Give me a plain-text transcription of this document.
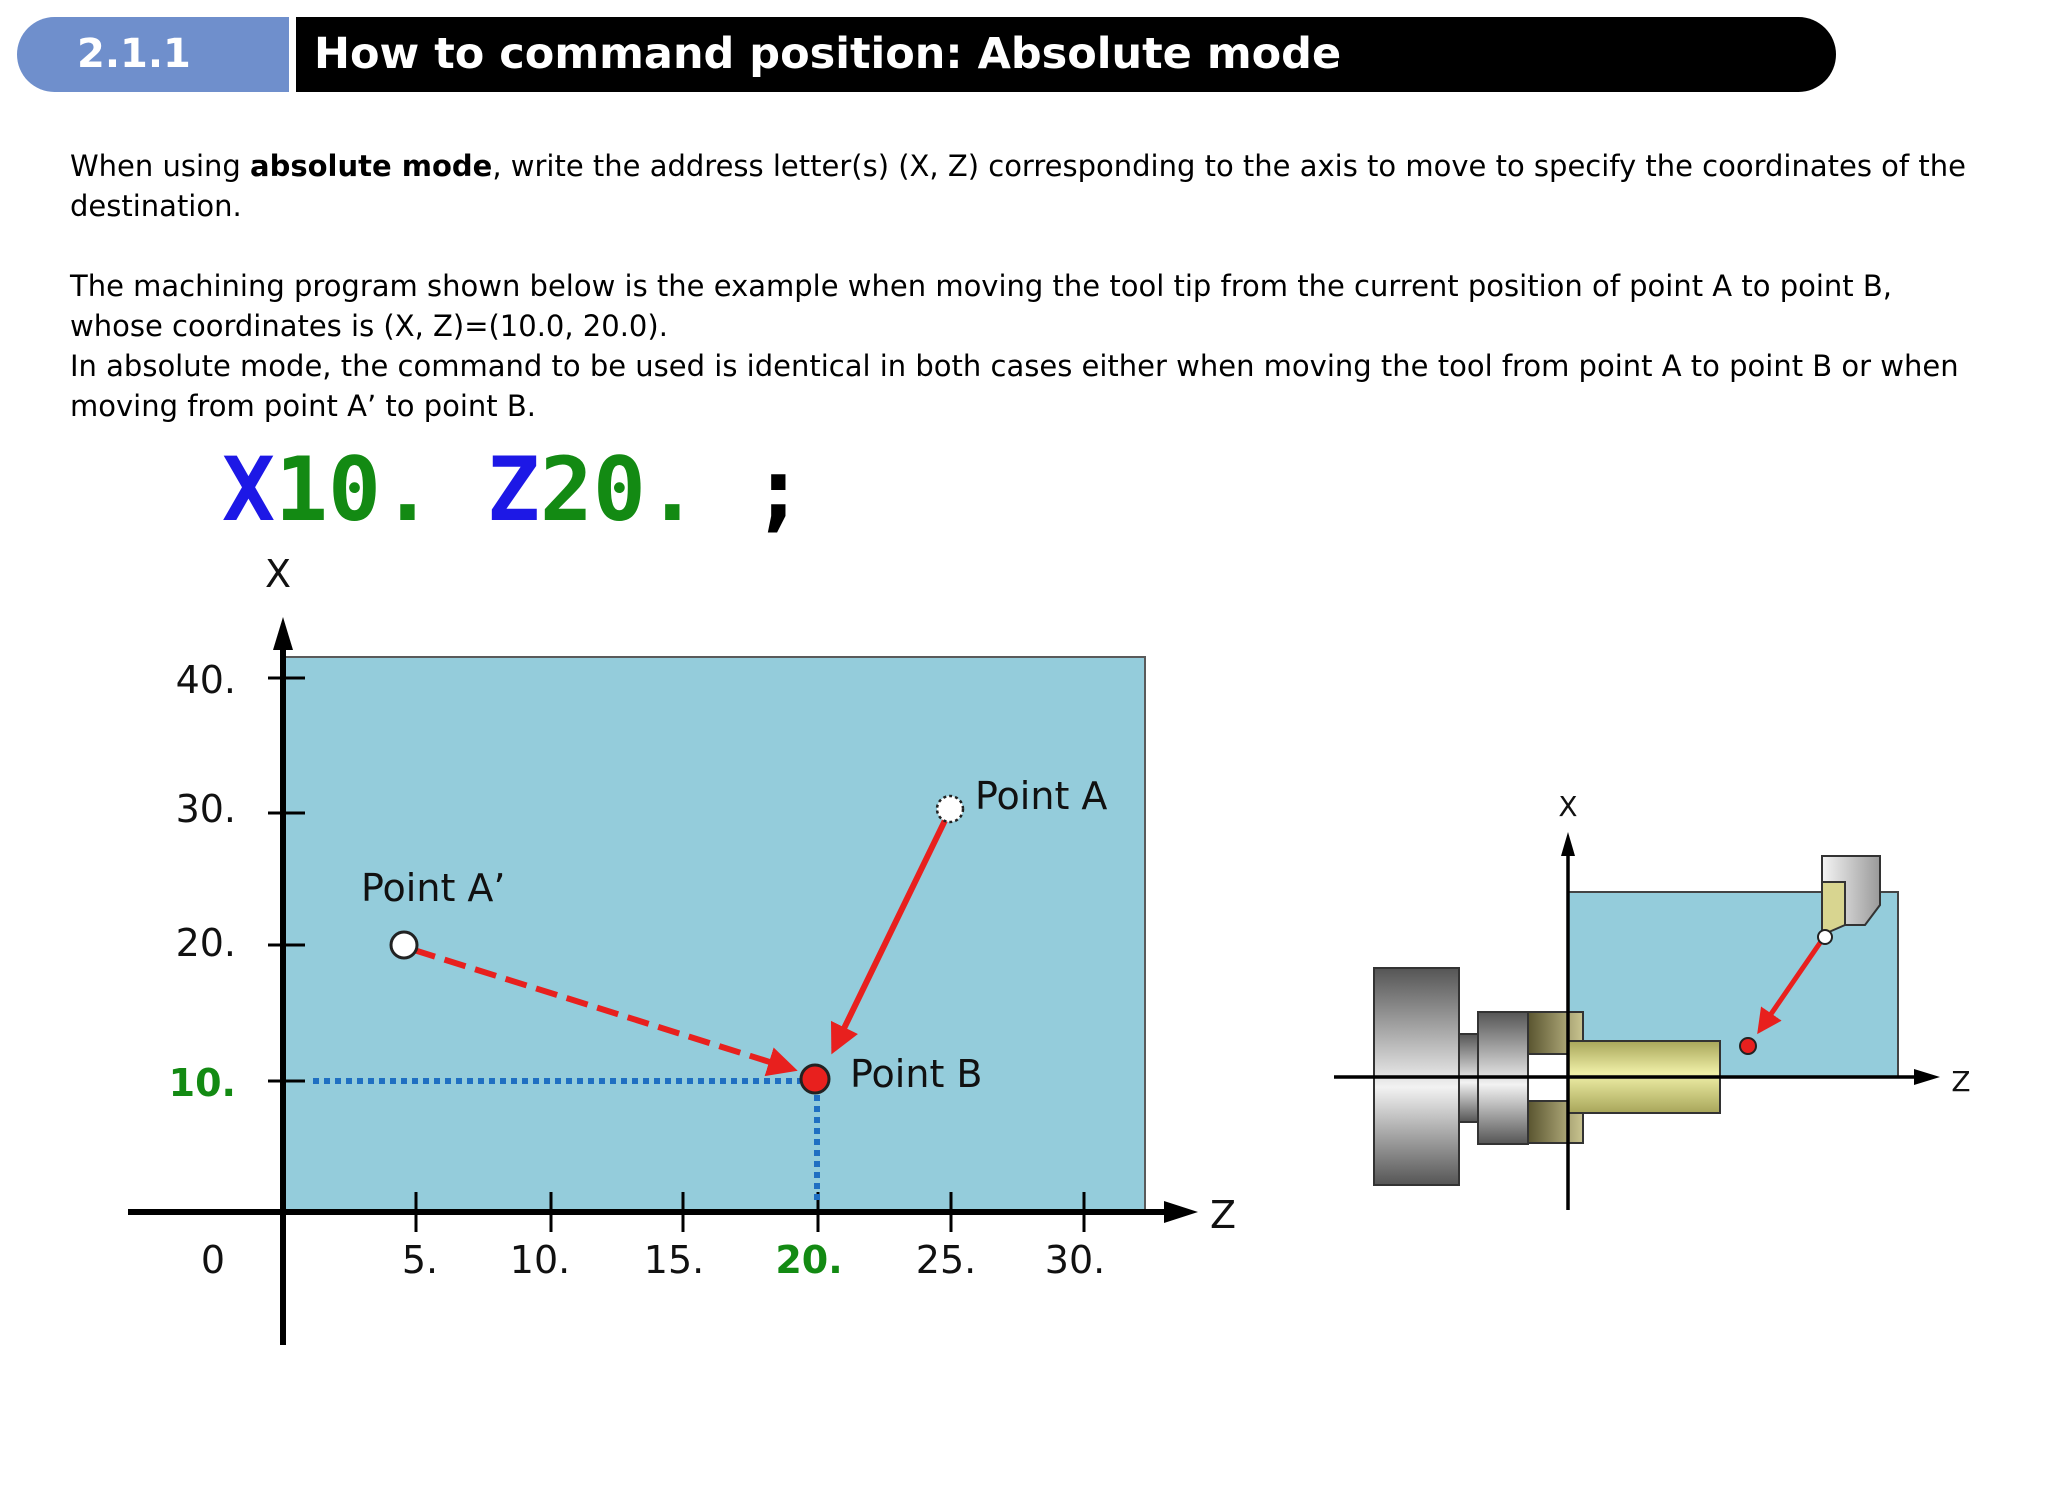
2.1.1	How to command position: Absolute mode

When using absolute mode, write the address letter(s) (X, Z) corresponding to the axis to move to specify the coordinates of the destination.

The machining program shown below is the example when moving the tool tip from the current position of point A to point B, whose coordinates is (X, Z)=(10.0, 20.0).
In absolute mode, the command to be used is identical in both cases either when moving the tool from point A to point B or when moving from point A’ to point B.

X10. Z20. ;
X
Z
0
40.
30.
20.
10.
5. 10. 15. 20. 25. 30.
Point A
Point A’
Point B
X
Z
